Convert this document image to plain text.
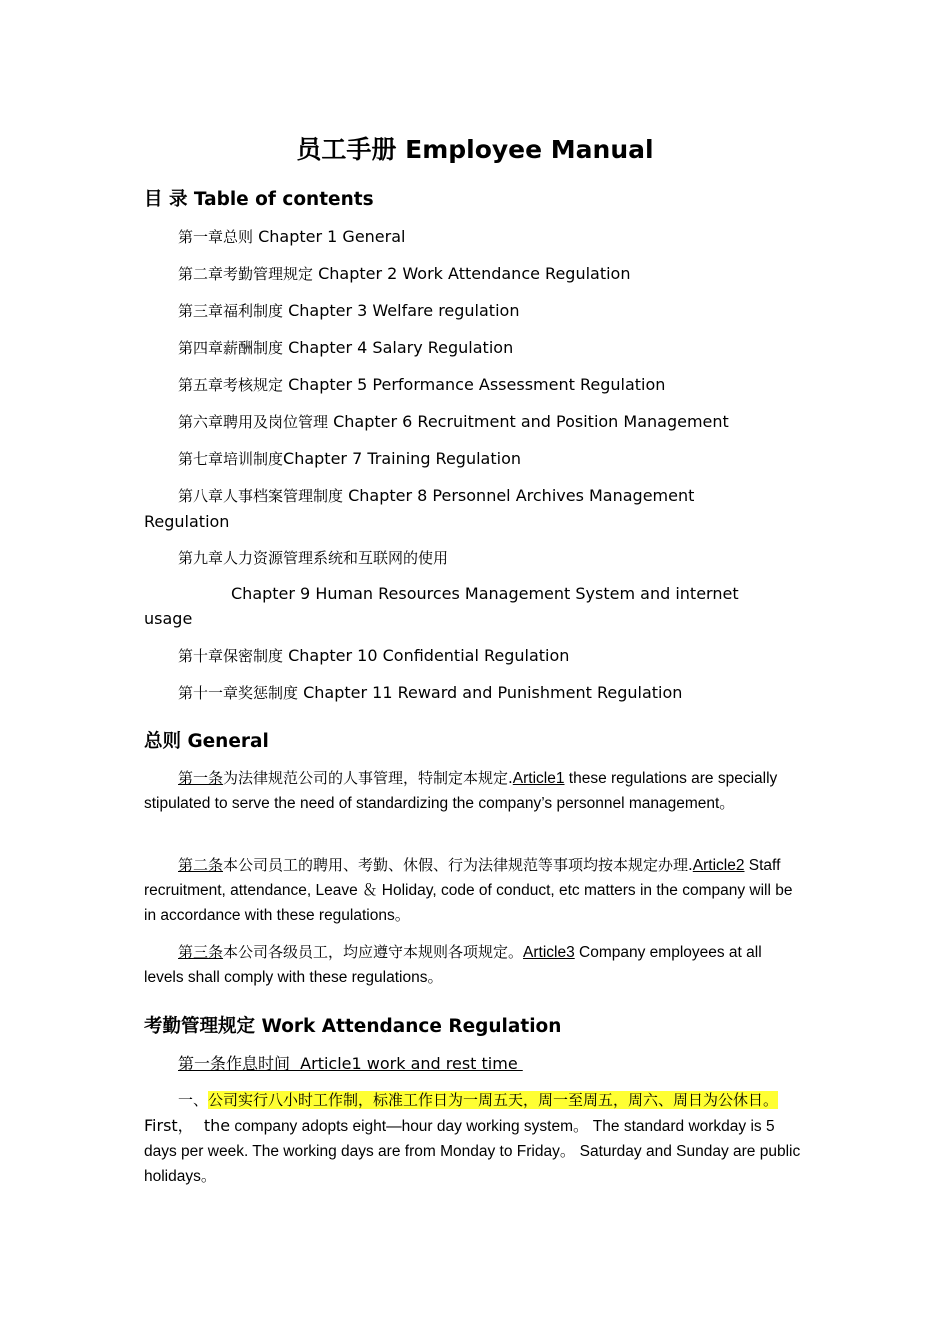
员工手册 Employee Manual
目 录 Table of contents
第一章总则 Chapter 1 General
第二章考勤管理规定 Chapter 2 Work Attendance Regulation
第三章福利制度 Chapter 3 Welfare regulation
第四章薪酬制度 Chapter 4 Salary Regulation
第五章考核规定 Chapter 5 Performance Assessment Regulation
第六章聘用及岗位管理 Chapter 6 Recruitment and Position Management
第七章培训制度Chapter 7 Training Regulation
第八章人事档案管理制度 Chapter 8 Personnel Archives Management Regulation
第九章人力资源管理系统和互联网的使用
Chapter 9 Human Resources Management System and internet usage
第十章保密制度 Chapter 10 Confidential Regulation
第十一章奖惩制度 Chapter 11 Reward and Punishment Regulation
总则 General
第一条为法律规范公司的人事管理，特制定本规定.Article1 these regulations are specially stipulated to serve the need of standardizing the company’s personnel management。
第二条本公司员工的聘用、考勤、休假、行为法律规范等事项均按本规定办理.Article2 Staff recruitment, attendance, Leave ＆ Holiday, code of conduct, etc matters in the company will be in accordance with these regulations。
第三条本公司各级员工，均应遵守本规则各项规定。Article3 Company employees at all levels shall comply with these regulations。
考勤管理规定 Work Attendance Regulation
第一条作息时间  Article1 work and rest time
一、公司实行八小时工作制，标准工作日为一周五天，周一至周五，周六、周日为公休日。First，  the company adopts eight—hour day working system。 The standard workday is 5 days per week. The working days are from Monday to Friday。 Saturday and Sunday are public holidays。
